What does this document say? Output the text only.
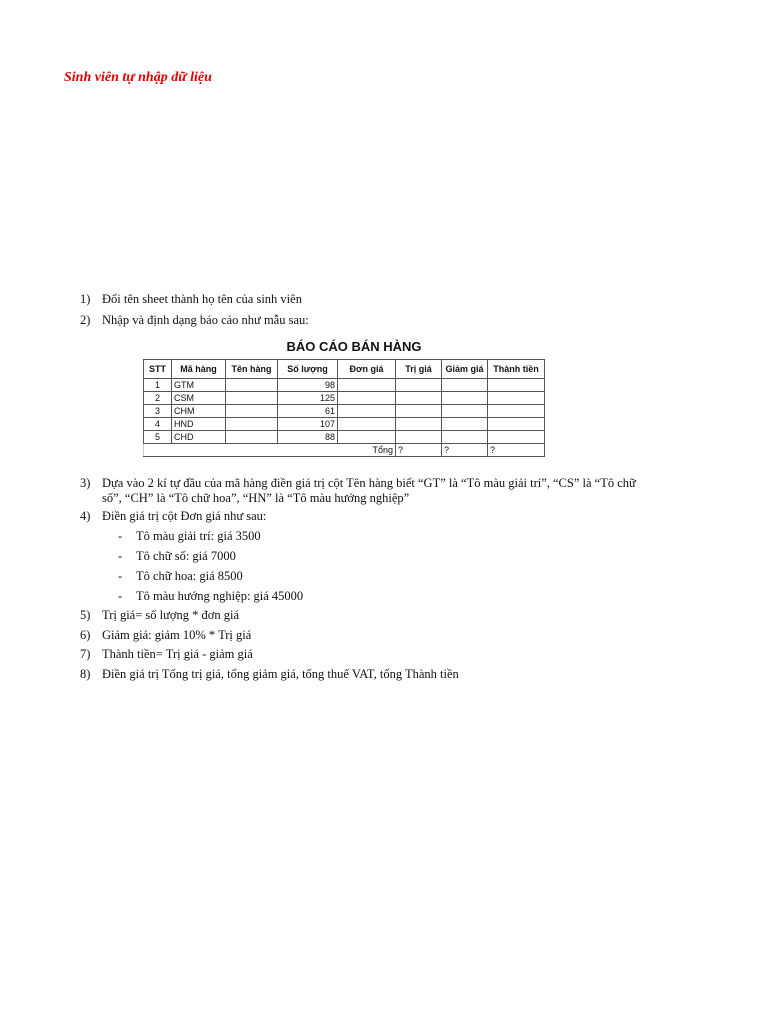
Sinh viên tự nhập dữ liệu
1) Đổi tên sheet thành họ tên của sinh viên
2) Nhập và định dạng báo cáo như mẫu sau:
BÁO CÁO BÁN HÀNG
STT	Mã hàng	Tên hàng	Số lượng	Đơn giá	Trị giá	Giảm giá	Thành tiền
1	GTM		98				
2	CSM		125				
3	CHM		61				
4	HND		107				
5	CHD		88				
Tổng					?	?	?
3) Dựa vào 2 kí tự đầu của mã hàng điền giá trị cột Tên hàng biết “GT” là “Tô màu giải trí”, “CS” là “Tô chữ số”, “CH” là “Tô chữ hoa”, “HN” là “Tô màu hướng nghiệp”
4) Điền giá trị cột Đơn giá như sau:
- Tô màu giải trí: giá 3500
- Tô chữ số: giá 7000
- Tô chữ hoa: giá 8500
- Tô màu hướng nghiệp: giá 45000
5) Trị giá= số lượng * đơn giá
6) Giảm giá: giảm 10% * Trị giá
7) Thành tiền= Trị giá - giảm giá
8) Điền giá trị Tổng trị giá, tổng giảm giá, tổng thuế VAT, tổng Thành tiền
